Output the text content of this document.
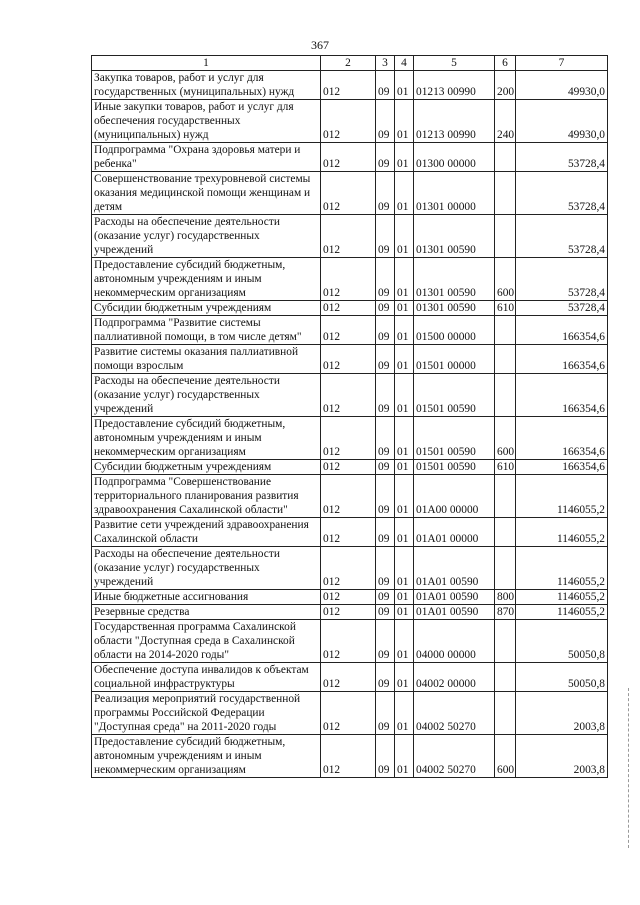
367
1	2	3	4	5	6	7
Закупка товаров, работ и услуг для государственных (муниципальных) нужд	012	09	01	01213 00990	200	49930,0
Иные закупки товаров, работ и услуг для обеспечения государственных (муниципальных) нужд	012	09	01	01213 00990	240	49930,0
Подпрограмма "Охрана здоровья матери и ребенка"	012	09	01	01300 00000		53728,4
Совершенствование трехуровневой системы оказания медицинской помощи женщинам и детям	012	09	01	01301 00000		53728,4
Расходы на обеспечение деятельности (оказание услуг) государственных учреждений	012	09	01	01301 00590		53728,4
Предоставление субсидий бюджетным, автономным учреждениям и иным некоммерческим организациям	012	09	01	01301 00590	600	53728,4
Субсидии бюджетным учреждениям	012	09	01	01301 00590	610	53728,4
Подпрограмма "Развитие системы паллиативной помощи, в том числе детям"	012	09	01	01500 00000		166354,6
Развитие системы оказания паллиативной помощи взрослым	012	09	01	01501 00000		166354,6
Расходы на обеспечение деятельности (оказание услуг) государственных учреждений	012	09	01	01501 00590		166354,6
Предоставление субсидий бюджетным, автономным учреждениям и иным некоммерческим организациям	012	09	01	01501 00590	600	166354,6
Субсидии бюджетным учреждениям	012	09	01	01501 00590	610	166354,6
Подпрограмма "Совершенствование территориального планирования развития здравоохранения Сахалинской области"	012	09	01	01А00 00000		1146055,2
Развитие сети учреждений здравоохранения Сахалинской области	012	09	01	01А01 00000		1146055,2
Расходы на обеспечение деятельности (оказание услуг) государственных учреждений	012	09	01	01А01 00590		1146055,2
Иные бюджетные ассигнования	012	09	01	01А01 00590	800	1146055,2
Резервные средства	012	09	01	01А01 00590	870	1146055,2
Государственная программа Сахалинской области "Доступная среда в Сахалинской области на 2014-2020 годы"	012	09	01	04000 00000		50050,8
Обеспечение доступа инвалидов к объектам социальной инфраструктуры	012	09	01	04002 00000		50050,8
Реализация мероприятий государственной программы Российской Федерации "Доступная среда" на 2011-2020 годы	012	09	01	04002 50270		2003,8
Предоставление субсидий бюджетным, автономным учреждениям и иным некоммерческим организациям	012	09	01	04002 50270	600	2003,8
